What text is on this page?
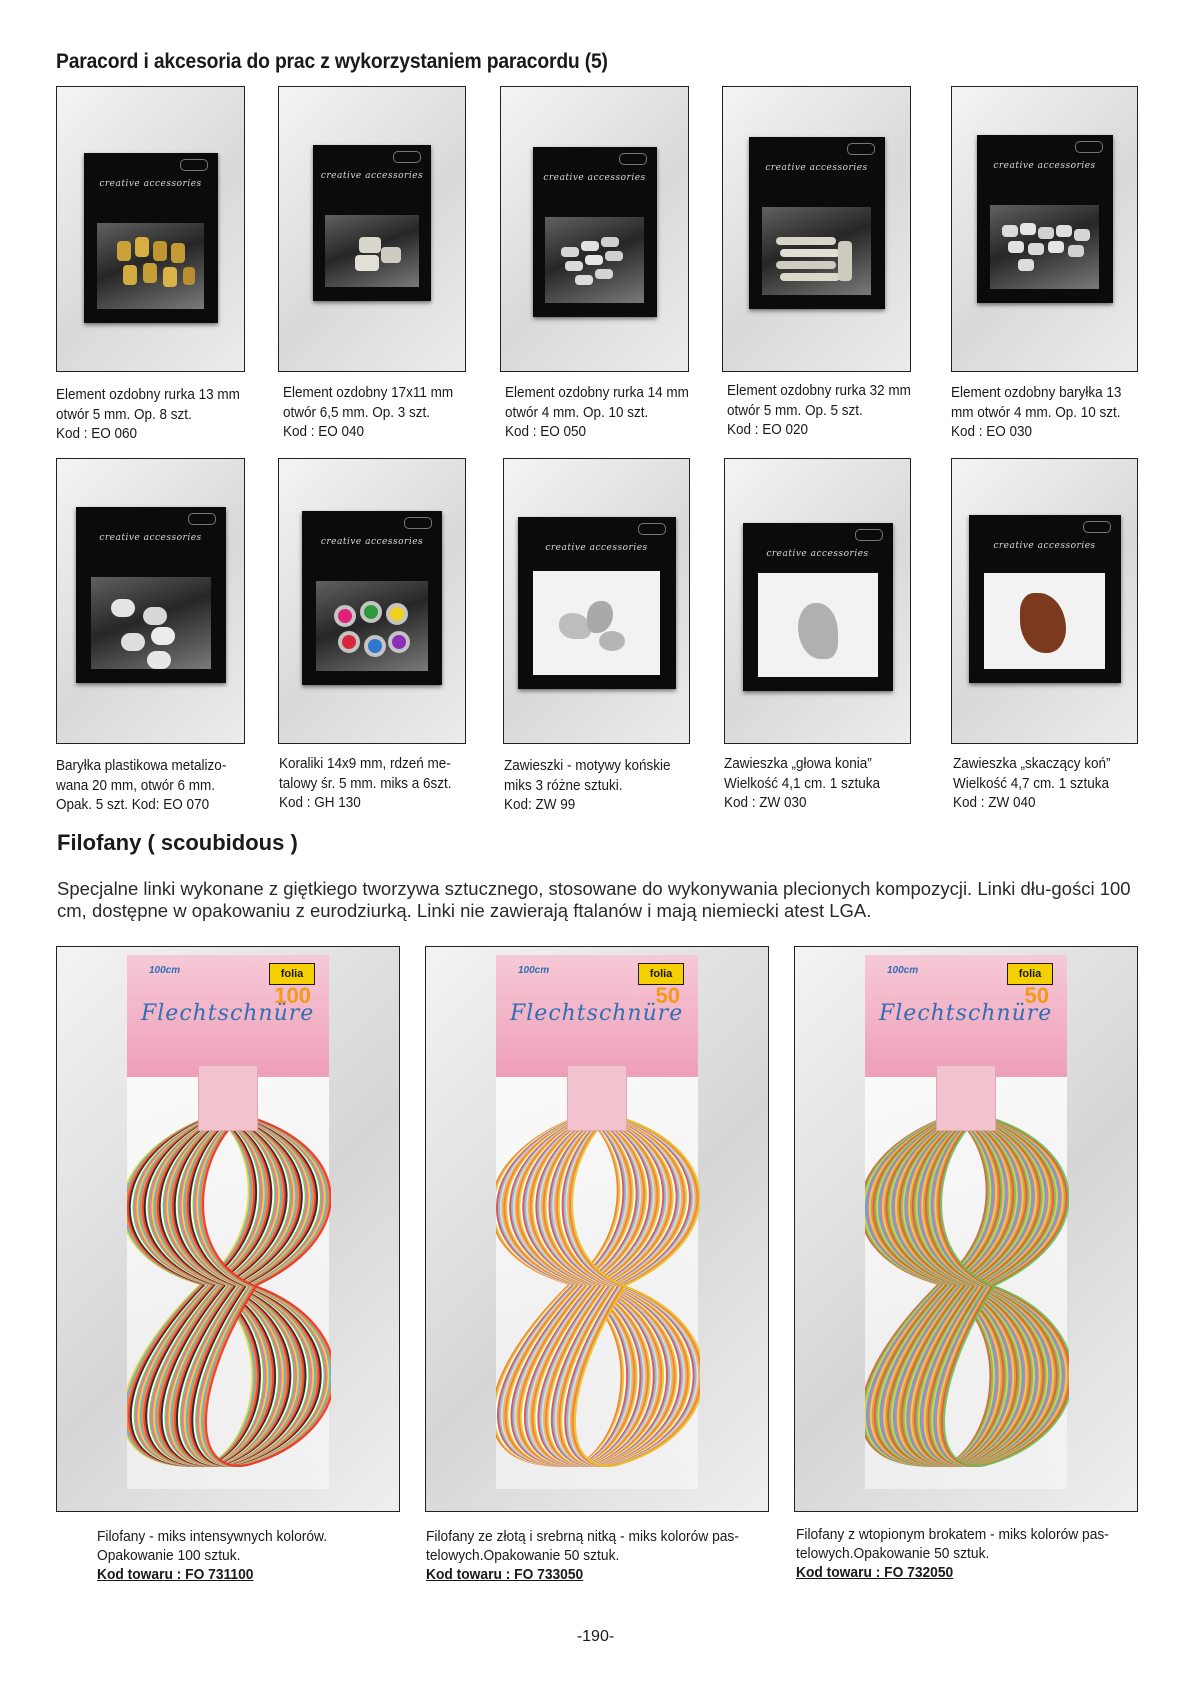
Paracord i akcesoria do prac z wykorzystaniem paracordu (5)
creative accessories
Element ozdobny rurka 13 mm otwór 5 mm. Op. 8 szt.
Kod : EO 060
creative accessories
Element ozdobny 17x11 mm otwór 6,5 mm. Op. 3 szt.
Kod : EO 040
creative accessories
Element ozdobny rurka 14 mm otwór 4 mm. Op. 10 szt.
Kod : EO 050
creative accessories
Element ozdobny rurka 32 mm otwór 5 mm. Op. 5 szt.
Kod : EO 020
creative accessories
Element ozdobny baryłka 13 mm otwór 4 mm. Op. 10 szt.
Kod : EO 030
creative accessories
Baryłka plastikowa metalizo-wana 20 mm, otwór 6 mm.
Opak. 5 szt. Kod: EO 070
creative accessories
Koraliki 14x9 mm, rdzeń me-talowy śr. 5 mm. miks a 6szt.
Kod : GH 130
creative accessories
Zawieszki - motywy końskie miks 3 różne sztuki.
Kod: ZW 99
creative accessories
Zawieszka „głowa konia” Wielkość 4,1 cm. 1 sztuka
Kod : ZW 030
creative accessories
Zawieszka „skaczący koń” Wielkość 4,7 cm. 1 sztuka
Kod : ZW 040
Filofany ( scoubidous )
Specjalne linki wykonane z giętkiego tworzywa sztucznego, stosowane do wykonywania plecionych kompozycji. Linki dłu-gości 100 cm, dostępne w opakowaniu z eurodziurką. Linki nie zawierają ftalanów i mają niemiecki atest LGA.
100cm
Flechtschnüre
folia
100
Filofany - miks intensywnych kolorów.
Opakowanie 100 sztuk.
Kod towaru : FO 731100
100cm
Flechtschnüre
folia
50
Filofany ze złotą i srebrną nitką - miks kolorów pas-
telowych.Opakowanie 50 sztuk.
Kod towaru : FO 733050
100cm
Flechtschnüre
folia
50
Filofany z wtopionym brokatem - miks kolorów pas-
telowych.Opakowanie 50 sztuk.
Kod towaru : FO 732050
-190-
